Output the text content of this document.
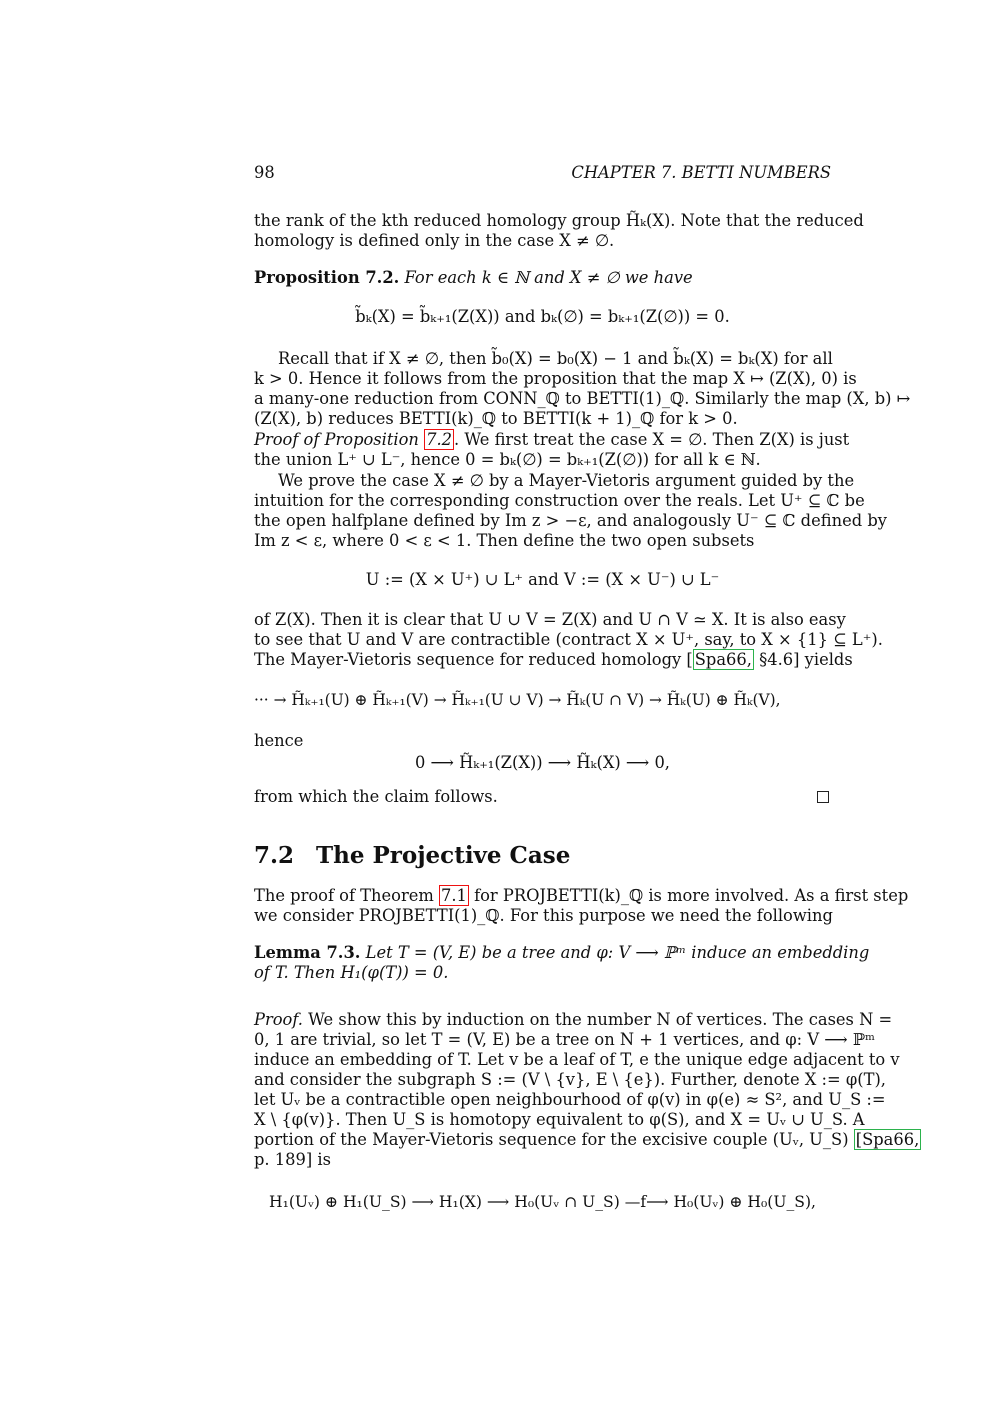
98	CHAPTER 7. BETTI NUMBERS
the rank of the kth reduced homology group H̃ₖ(X). Note that the reduced
homology is defined only in the case X ≠ ∅.
Proposition 7.2. For each k ∈ ℕ and X ≠ ∅ we have
b̃ₖ(X) = b̃ₖ₊₁(Z(X)) and bₖ(∅) = bₖ₊₁(Z(∅)) = 0.
Recall that if X ≠ ∅, then b̃₀(X) = b₀(X) − 1 and b̃ₖ(X) = bₖ(X) for all
k > 0. Hence it follows from the proposition that the map X ↦ (Z(X), 0) is
a many-one reduction from CONN_ℚ to BETTI(1)_ℚ. Similarly the map (X, b) ↦
(Z(X), b) reduces BETTI(k)_ℚ to BETTI(k + 1)_ℚ for k > 0.
Proof of Proposition 7.2 . We first treat the case X = ∅. Then Z(X) is just
the union L⁺ ∪ L⁻, hence 0 = bₖ(∅) = bₖ₊₁(Z(∅)) for all k ∈ ℕ.
We prove the case X ≠ ∅ by a Mayer-Vietoris argument guided by the
intuition for the corresponding construction over the reals. Let U⁺ ⊆ ℂ be
the open halfplane defined by Im z > −ε, and analogously U⁻ ⊆ ℂ defined by
Im z < ε, where 0 < ε < 1. Then define the two open subsets
U := (X × U⁺) ∪ L⁺ and V := (X × U⁻) ∪ L⁻
of Z(X). Then it is clear that U ∪ V = Z(X) and U ∩ V ≃ X. It is also easy
to see that U and V are contractible (contract X × U⁺, say, to X × {1} ⊆ L⁺).
The Mayer-Vietoris sequence for reduced homology [ Spa66, §4.6] yields
··· → H̃ₖ₊₁(U) ⊕ H̃ₖ₊₁(V) → H̃ₖ₊₁(U ∪ V) → H̃ₖ(U ∩ V) → H̃ₖ(U) ⊕ H̃ₖ(V),
hence
0 ⟶ H̃ₖ₊₁(Z(X)) ⟶ H̃ₖ(X) ⟶ 0,
from which the claim follows.
7.2 The Projective Case
The proof of Theorem 7.1 for PROJBETTI(k)_ℚ is more involved. As a first step
we consider PROJBETTI(1)_ℚ. For this purpose we need the following
Lemma 7.3. Let T = (V, E) be a tree and φ: V ⟶ ℙᵐ induce an embedding
of T. Then H₁(φ(T)) = 0.
Proof. We show this by induction on the number N of vertices. The cases N =
0, 1 are trivial, so let T = (V, E) be a tree on N + 1 vertices, and φ: V ⟶ ℙᵐ
induce an embedding of T. Let v be a leaf of T, e the unique edge adjacent to v
and consider the subgraph S := (V \ {v}, E \ {e}). Further, denote X := φ(T),
let Uᵥ be a contractible open neighbourhood of φ(v) in φ(e) ≈ S², and U_S :=
X \ {φ(v)}. Then U_S is homotopy equivalent to φ(S), and X = Uᵥ ∪ U_S. A
portion of the Mayer-Vietoris sequence for the excisive couple (Uᵥ, U_S) [Spa66,
p. 189] is
H₁(Uᵥ) ⊕ H₁(U_S) ⟶ H₁(X) ⟶ H₀(Uᵥ ∩ U_S) —f⟶ H₀(Uᵥ) ⊕ H₀(U_S),
